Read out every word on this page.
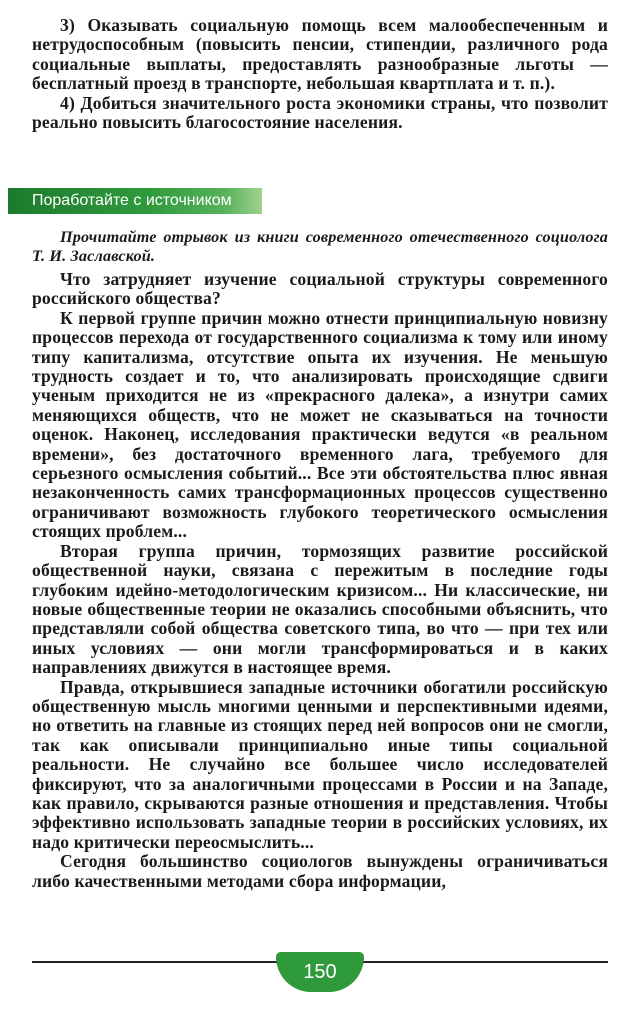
3) Оказывать социальную помощь всем малообеспеченным и нетрудоспособным (повысить пенсии, стипендии, различного рода социальные выплаты, предоставлять разнообразные льготы — бесплатный проезд в транспорте, небольшая квартплата и т. п.).

4) Добиться значительного роста экономики страны, что позволит реально повысить благосостояние населения.

Поработайте с источником

Прочитайте отрывок из книги современного отечественного социолога Т. И. Заславской.

Что затрудняет изучение социальной структуры современного российского общества?

К первой группе причин можно отнести принципиальную новизну процессов перехода от государственного социализма к тому или иному типу капитализма, отсутствие опыта их изучения. Не меньшую трудность создает и то, что анализировать происходящие сдвиги ученым приходится не из «прекрасного далека», а изнутри самих меняющихся обществ, что не может не сказываться на точности оценок. Наконец, исследования практически ведутся «в реальном времени», без достаточного временного лага, требуемого для серьезного осмысления событий... Все эти обстоятельства плюс явная незаконченность самих трансформационных процессов существенно ограничивают возможность глубокого теоретического осмысления стоящих проблем...

Вторая группа причин, тормозящих развитие российской общественной науки, связана с пережитым в последние годы глубоким идейно-методологическим кризисом... Ни классические, ни новые общественные теории не оказались способными объяснить, что представляли собой общества советского типа, во что — при тех или иных условиях — они могли трансформироваться и в каких направлениях движутся в настоящее время.

Правда, открывшиеся западные источники обогатили российскую общественную мысль многими ценными и перспективными идеями, но ответить на главные из стоящих перед ней вопросов они не смогли, так как описывали принципиально иные типы социальной реальности. Не случайно все большее число исследователей фиксируют, что за аналогичными процессами в России и на Западе, как правило, скрываются разные отношения и представления. Чтобы эффективно использовать западные теории в российских условиях, их надо критически переосмыслить...

Сегодня большинство социологов вынуждены ограничиваться либо качественными методами сбора информации,

150
